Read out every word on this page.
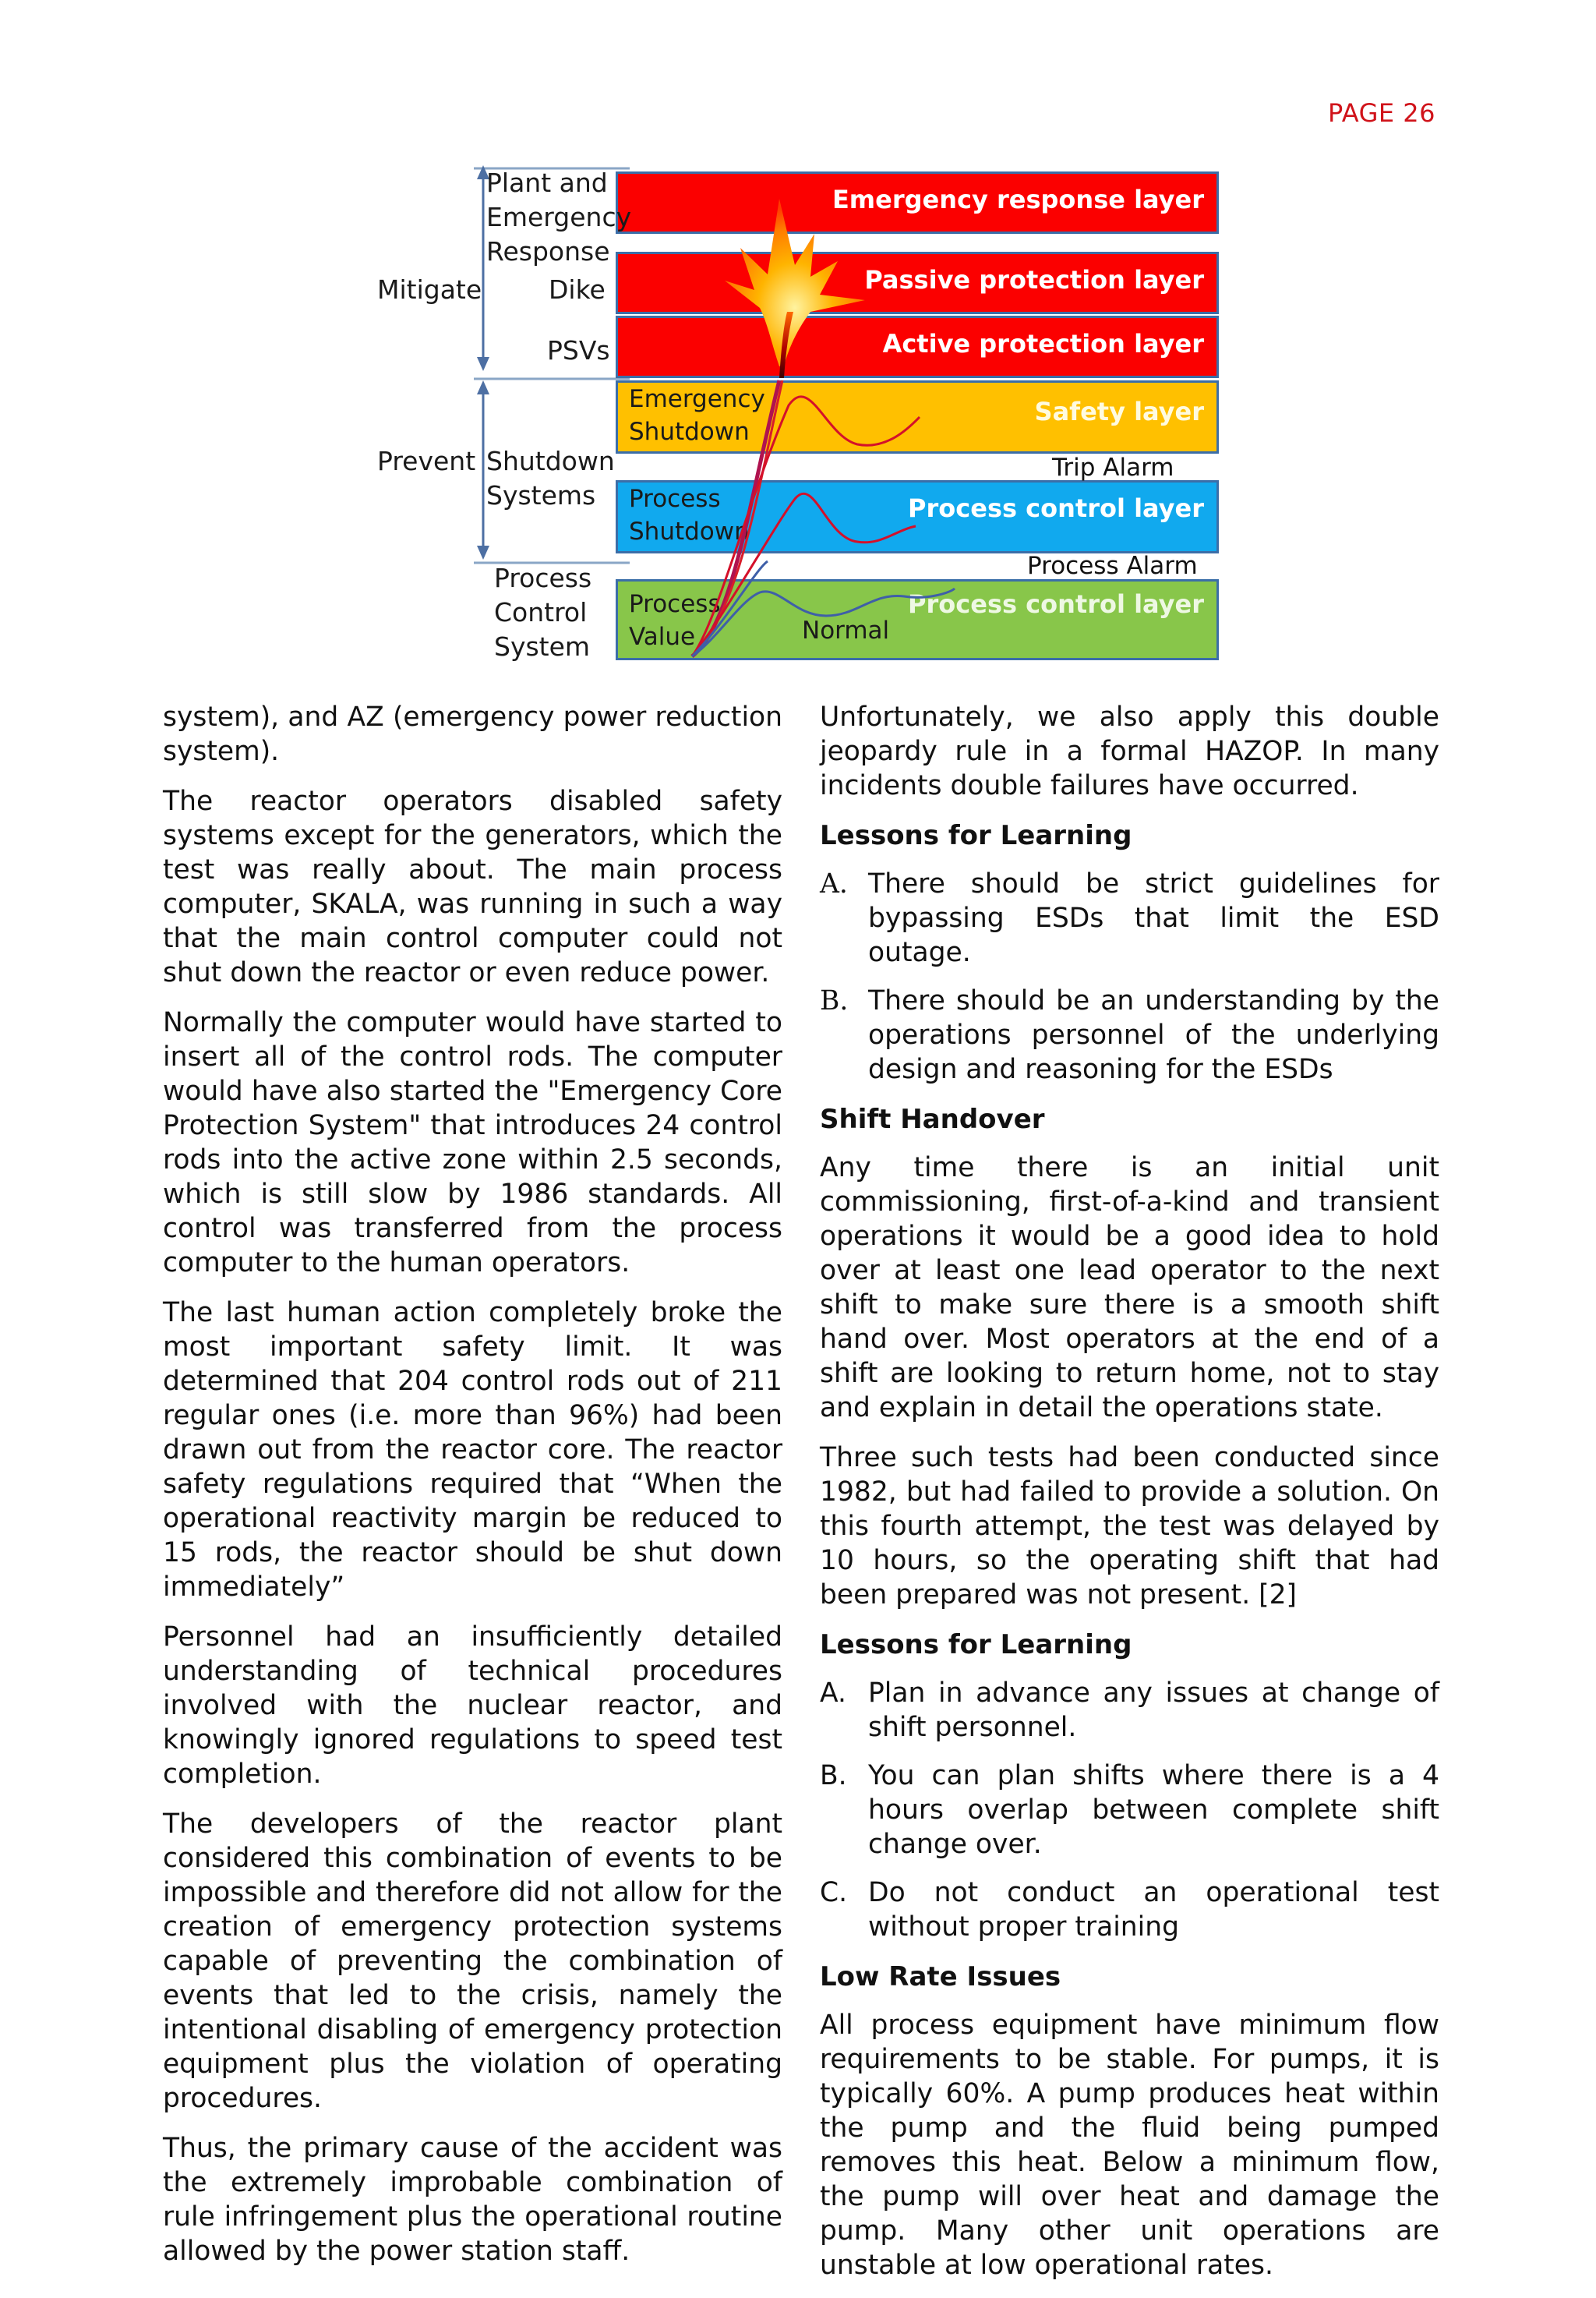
PAGE 26
Emergency response layer
Passive protection layer
Active protection layer
Safety layer
Emergency
Shutdown
Process control layer
Process
Shutdown
Process control layer
Process
Value	Normal
Trip Alarm
Process Alarm
Plant and
Emergency
Response
Mitigate	Dike
PSVs
Prevent Shutdown
Systems
Process
Control
System

system), and AZ (emergency power reduction system).

The reactor operators disabled safety systems except for the generators, which the test was really about. The main process computer, SKALA, was running in such a way that the main control computer could not shut down the reactor or even reduce power.

Normally the computer would have started to insert all of the control rods. The computer would have also started the "Emergency Core Protection System" that introduces 24 control rods into the active zone within 2.5 seconds, which is still slow by 1986 standards. All control was transferred from the process computer to the human operators.

The last human action completely broke the most important safety limit. It was determined that 204 control rods out of 211 regular ones (i.e. more than 96%) had been drawn out from the reactor core. The reactor safety regulations required that “When the operational reactivity margin be reduced to 15 rods, the reactor should be shut down immediately”

Personnel had an insufficiently detailed understanding of technical procedures involved with the nuclear reactor, and knowingly ignored regulations to speed test completion.

The developers of the reactor plant considered this combination of events to be impossible and therefore did not allow for the creation of emergency protection systems capable of preventing the combination of events that led to the crisis, namely the intentional disabling of emergency protection equipment plus the violation of operating procedures.

Thus, the primary cause of the accident was the extremely improbable combination of rule infringement plus the operational routine allowed by the power station staff.

Unfortunately, we also apply this double jeopardy rule in a formal HAZOP. In many incidents double failures have occurred.

Lessons for Learning
A. There should be strict guidelines for bypassing ESDs that limit the ESD outage.
B. There should be an understanding by the operations personnel of the underlying design and reasoning for the ESDs
Shift Handover

Any time there is an initial unit commissioning, first-of-a-kind and transient operations it would be a good idea to hold over at least one lead operator to the next shift to make sure there is a smooth shift hand over. Most operators at the end of a shift are looking to return home, not to stay and explain in detail the operations state.

Three such tests had been conducted since 1982, but had failed to provide a solution. On this fourth attempt, the test was delayed by 10 hours, so the operating shift that had been prepared was not present. [2]

Lessons for Learning
A. Plan in advance any issues at change of shift personnel.
B. You can plan shifts where there is a 4 hours overlap between complete shift change over.
C. Do not conduct an operational test without proper training
Low Rate Issues

All process equipment have minimum flow requirements to be stable. For pumps, it is typically 60%. A pump produces heat within the pump and the fluid being pumped removes this heat. Below a minimum flow, the pump will over heat and damage the pump. Many other unit operations are unstable at low operational rates.
